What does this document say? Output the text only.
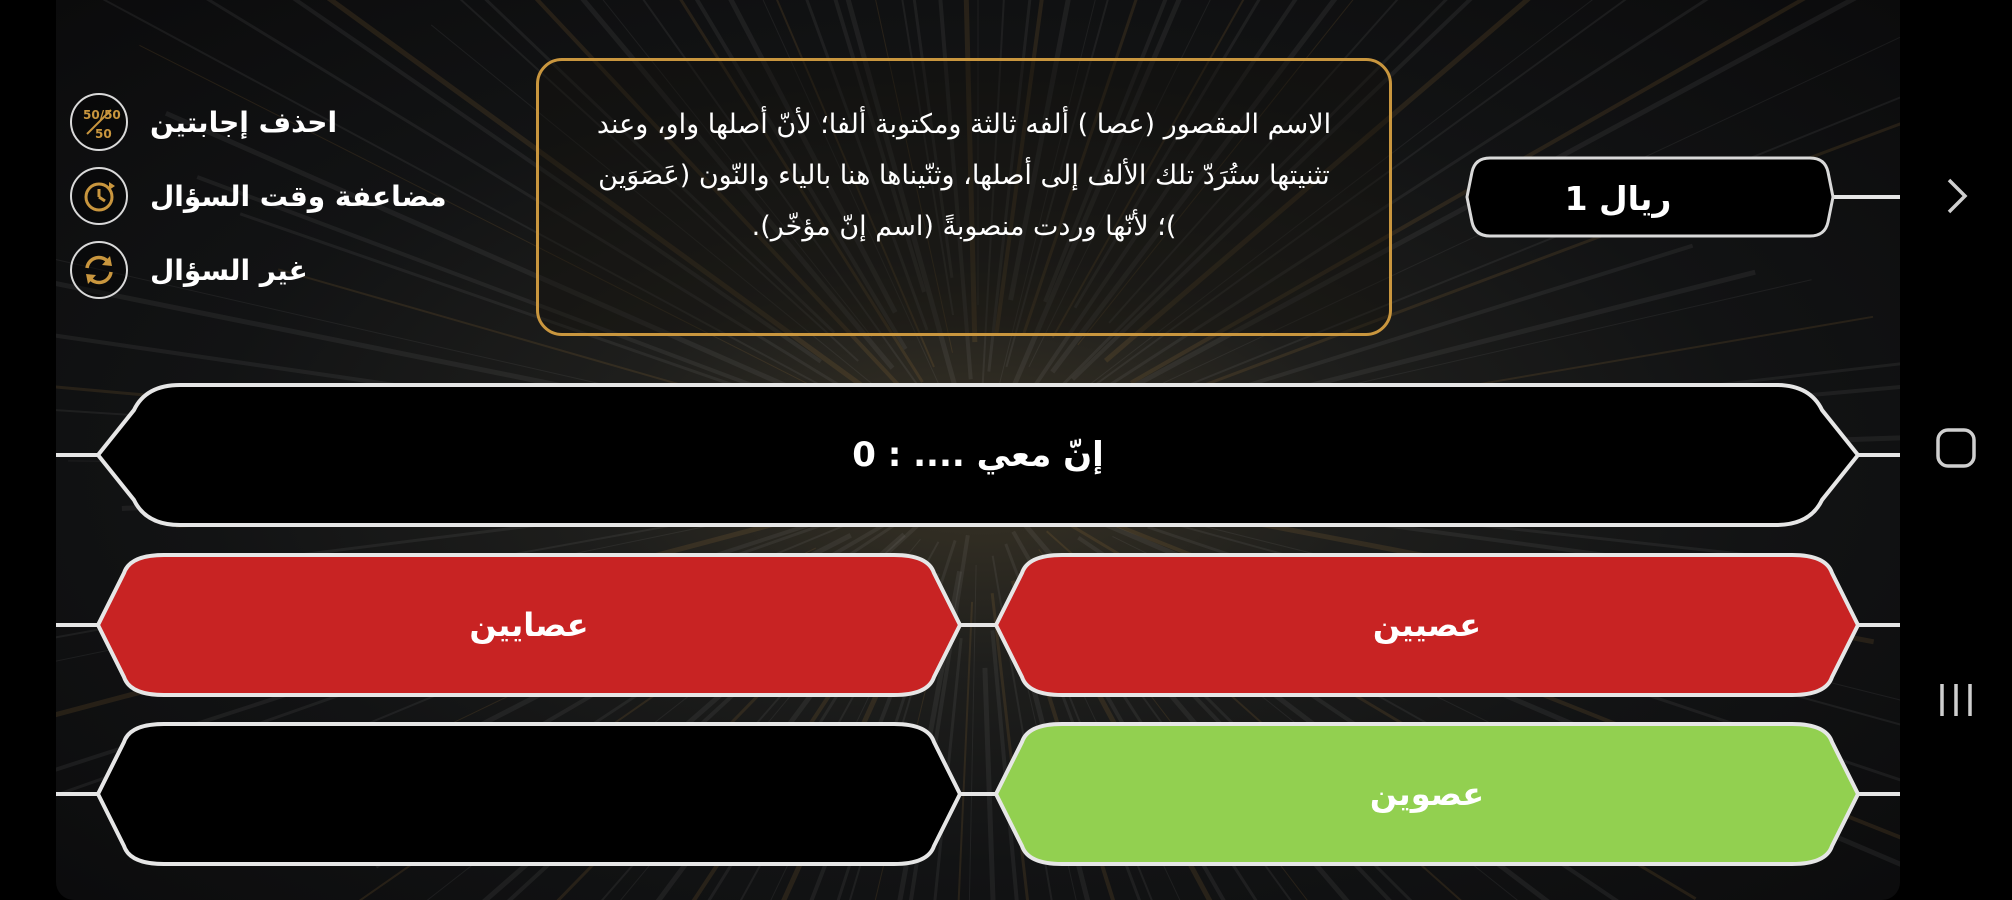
50/50
50 احذف إجابتين
مضاعفة وقت السؤال
غير السؤال
الاسم المقصور (عصا ) ألفه ثالثة ومكتوبة ألفا؛ لأنّ أصلها واو، وعند تثنيتها ستُرَدّ تلك الألف إلى أصلها، وثنّيناها هنا بالياء والنّون (عَصَوَين )؛ لأنّها وردت منصوبةً (اسم إنّ مؤخّر).
ريال 1
إنّ معي .... : 0
عصيين
عصايين
عصوين
